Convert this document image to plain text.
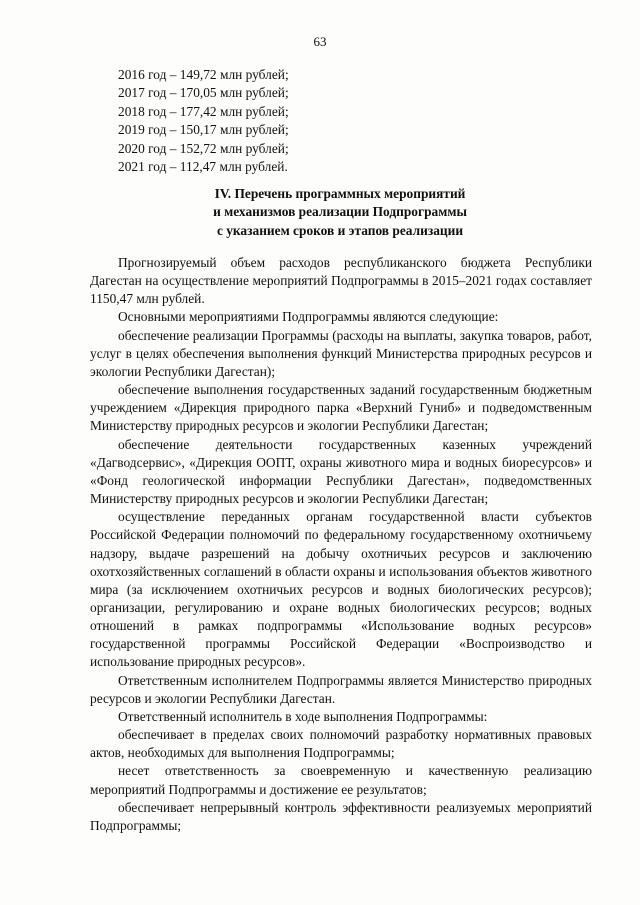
63
2016 год – 149,72 млн рублей;
2017 год – 170,05 млн рублей;
2018 год – 177,42 млн рублей;
2019 год – 150,17 млн рублей;
2020 год – 152,72 млн рублей;
2021 год – 112,47 млн рублей.
IV. Перечень программных мероприятий
и механизмов реализации Подпрограммы
с указанием сроков и этапов реализации

Прогнозируемый объем расходов республиканского бюджета Республики Дагестан на осуществление мероприятий Подпрограммы в 2015–2021 годах составляет 1150,47 млн рублей.

Основными мероприятиями Подпрограммы являются следующие:

обеспечение реализации Программы (расходы на выплаты, закупка товаров, работ, услуг в целях обеспечения выполнения функций Министерства природных ресурсов и экологии Республики Дагестан);

обеспечение выполнения государственных заданий государственным бюджетным учреждением «Дирекция природного парка «Верхний Гуниб» и подведомственным Министерству природных ресурсов и экологии Республики Дагестан;

обеспечение деятельности государственных казенных учреждений «Дагводсервис», «Дирекция ООПТ, охраны животного мира и водных биоресурсов» и «Фонд геологической информации Республики Дагестан», подведомственных Министерству природных ресурсов и экологии Республики Дагестан;

осуществление переданных органам государственной власти субъектов Российской Федерации полномочий по федеральному государственному охотничьему надзору, выдаче разрешений на добычу охотничьих ресурсов и заключению охотхозяйственных соглашений в области охраны и использования объектов животного мира (за исключением охотничьих ресурсов и водных биологических ресурсов); организации, регулированию и охране водных биологических ресурсов; водных отношений в рамках подпрограммы «Использование водных ресурсов» государственной программы Российской Федерации «Воспроизводство и использование природных ресурсов».

Ответственным исполнителем Подпрограммы является Министерство природных ресурсов и экологии Республики Дагестан.

Ответственный исполнитель в ходе выполнения Подпрограммы:

обеспечивает в пределах своих полномочий разработку нормативных правовых актов, необходимых для выполнения Подпрограммы;

несет ответственность за своевременную и качественную реализацию мероприятий Подпрограммы и достижение ее результатов;

обеспечивает непрерывный контроль эффективности реализуемых мероприятий Подпрограммы;
